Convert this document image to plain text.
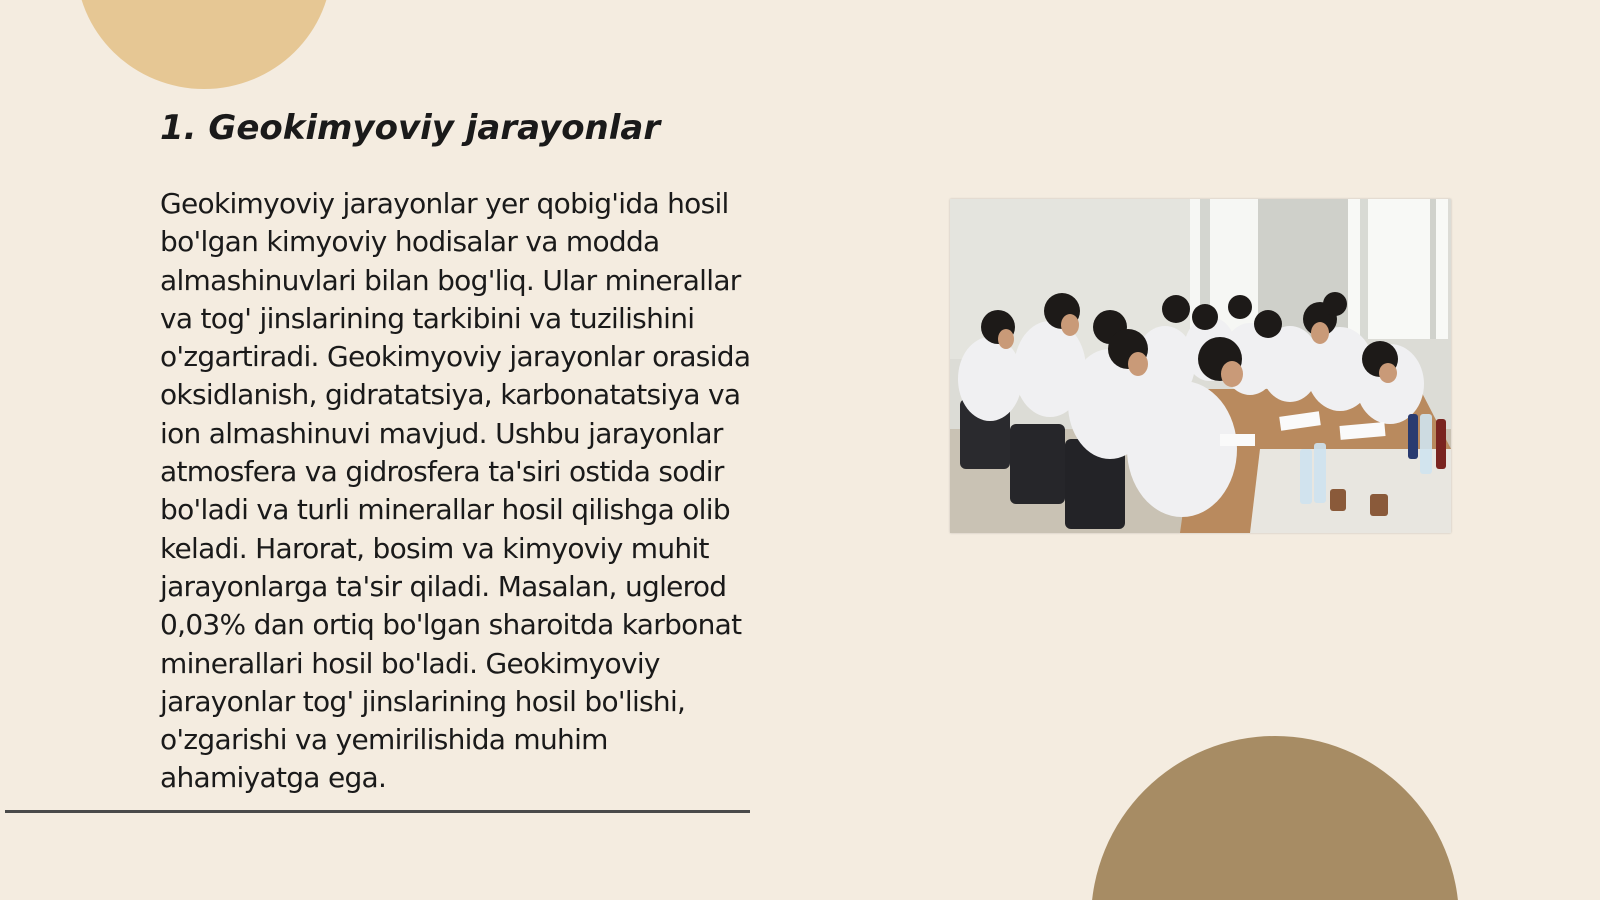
1. Geokimyoviy jarayonlar
Geokimyoviy jarayonlar yer qobig'ida hosil
bo'lgan kimyoviy hodisalar va modda
almashinuvlari bilan bog'liq. Ular minerallar
va tog' jinslarining tarkibini va tuzilishini
o'zgartiradi. Geokimyoviy jarayonlar orasida
oksidlanish, gidratatsiya, karbonatatsiya va
ion almashinuvi mavjud. Ushbu jarayonlar
atmosfera va gidrosfera ta'siri ostida sodir
bo'ladi va turli minerallar hosil qilishga olib
keladi. Harorat, bosim va kimyoviy muhit
jarayonlarga ta'sir qiladi. Masalan, uglerod
0,03% dan ortiq bo'lgan sharoitda karbonat
minerallari hosil bo'ladi. Geokimyoviy
jarayonlar tog' jinslarining hosil bo'lishi,
o'zgarishi va yemirilishida muhim
ahamiyatga ega.
